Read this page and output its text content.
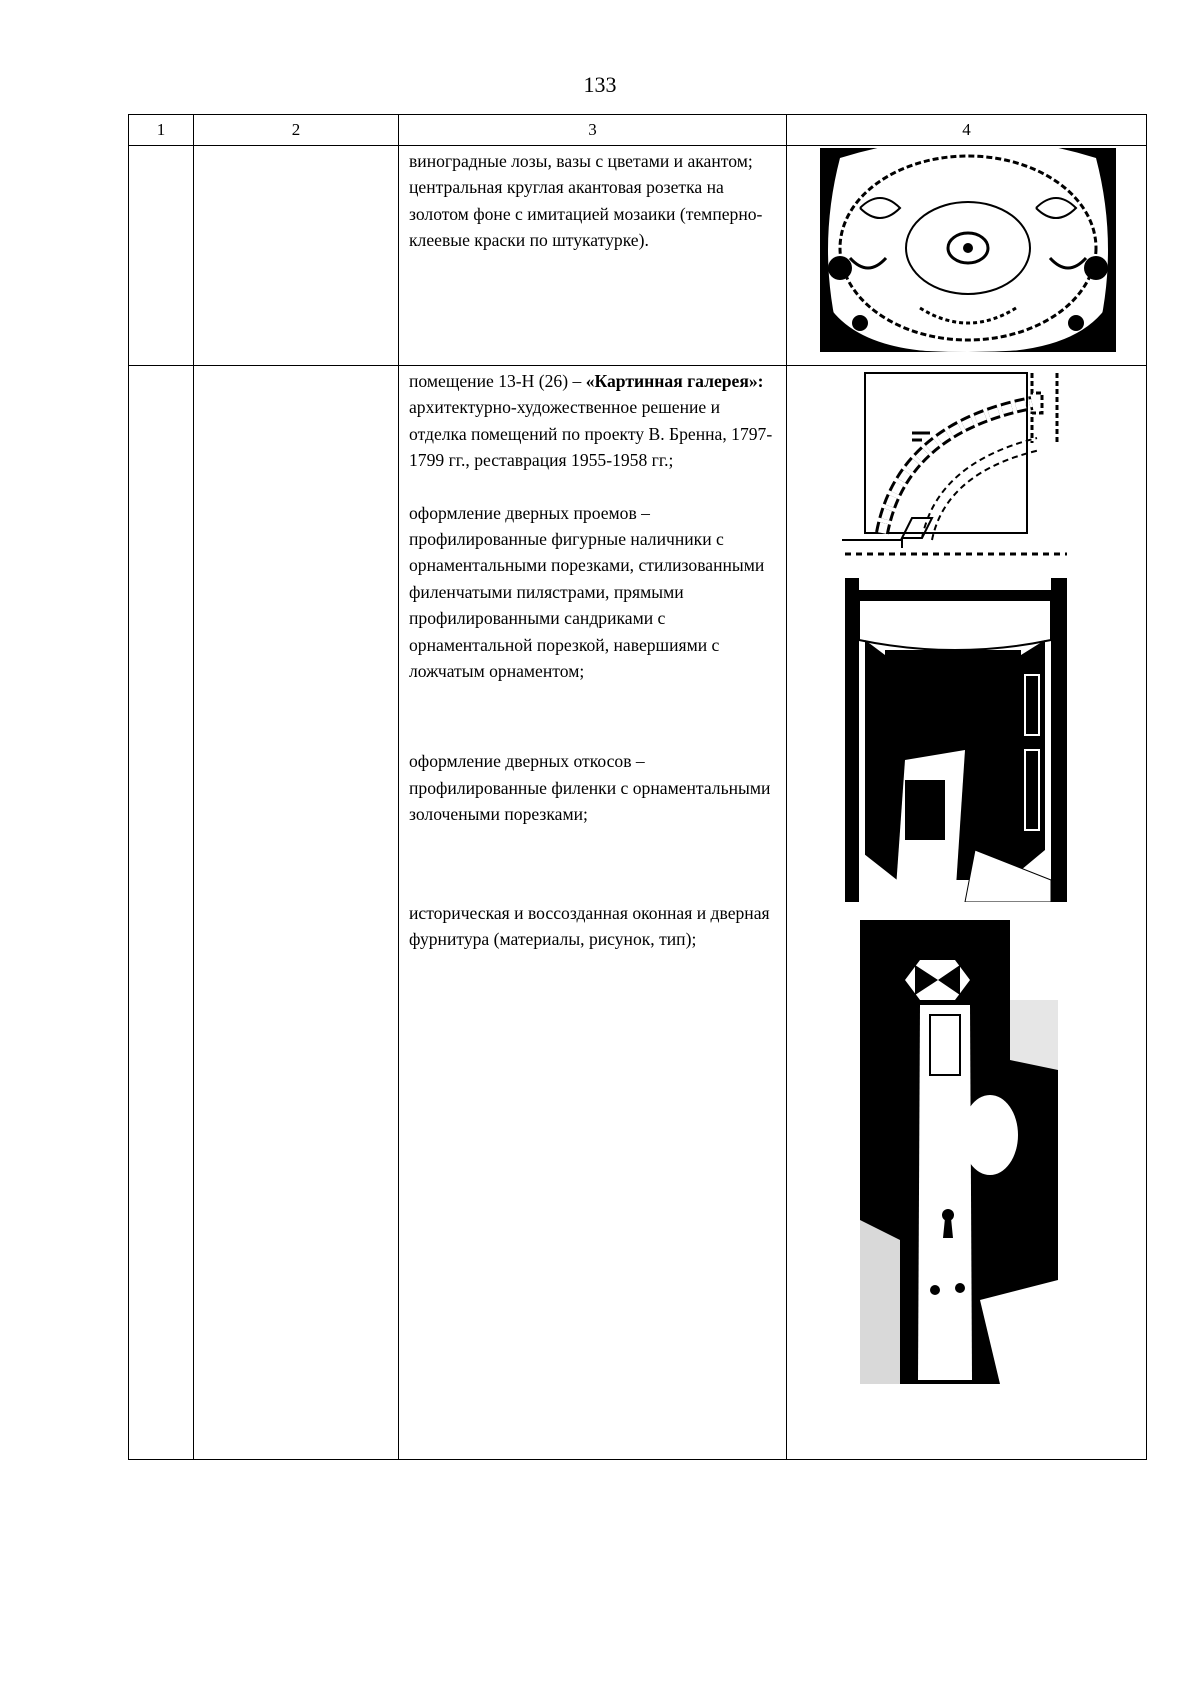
133
1	2	3	4

		виноградные лозы, вазы с цветами и акантом; центральная круглая акантовая розетка на золотом фоне с имитацией мозаики (темперно-клеевые краски по штукатурке).

		помещение 13-Н (26) – «Картинная галерея»:

архитектурно-художественное решение и отделка помещений по проекту В. Бренна, 1797-1799 гг., реставрация 1955-1958 гг.;

оформление дверных проемов – профилированные фигурные наличники с орнаментальными порезками, стилизованными филенчатыми пилястрами, прямыми профилированными сандриками с орнаментальной порезкой, навершиями с ложчатым орнаментом;

оформление дверных откосов – профилированные филенки с орнаментальными золочеными порезками;

историческая и воссозданная оконная и дверная фурнитура (материалы, рисунок, тип);
